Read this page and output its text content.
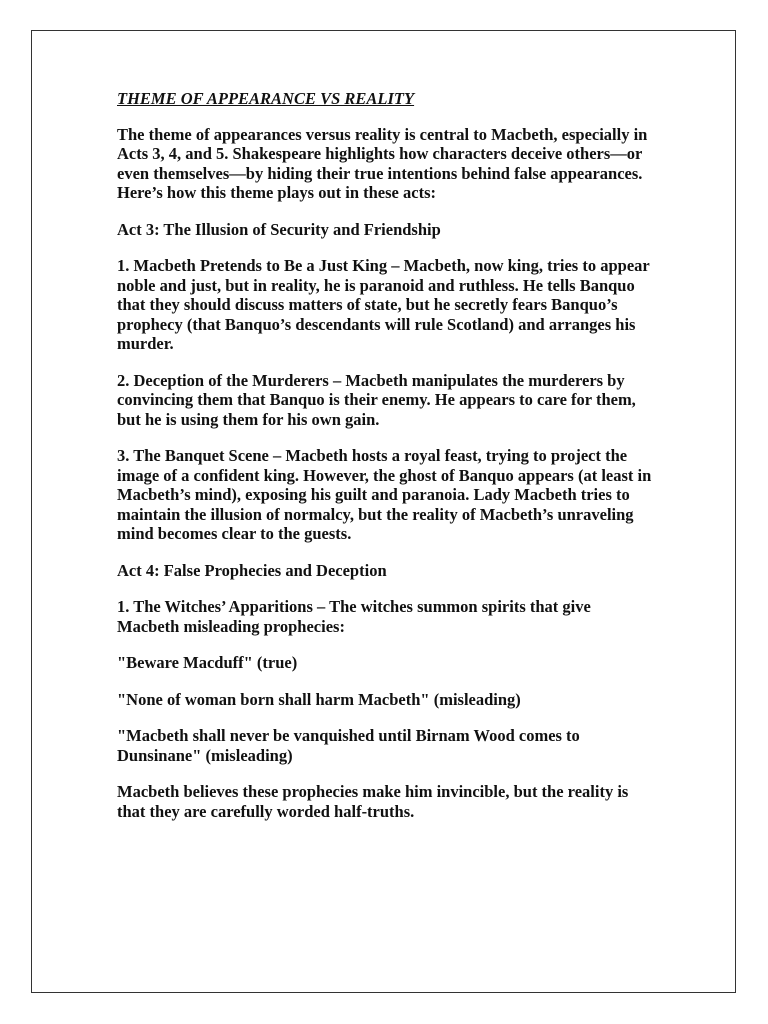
THEME OF APPEARANCE VS REALITY

The theme of appearances versus reality is central to Macbeth, especially in Acts 3, 4, and 5. Shakespeare highlights how characters deceive others—or even themselves—by hiding their true intentions behind false appearances. Here’s how this theme plays out in these acts:

Act 3: The Illusion of Security and Friendship

1. Macbeth Pretends to Be a Just King – Macbeth, now king, tries to appear noble and just, but in reality, he is paranoid and ruthless. He tells Banquo that they should discuss matters of state, but he secretly fears Banquo’s prophecy (that Banquo’s descendants will rule Scotland) and arranges his murder.

2. Deception of the Murderers – Macbeth manipulates the murderers by convincing them that Banquo is their enemy. He appears to care for them, but he is using them for his own gain.

3. The Banquet Scene – Macbeth hosts a royal feast, trying to project the image of a confident king. However, the ghost of Banquo appears (at least in Macbeth’s mind), exposing his guilt and paranoia. Lady Macbeth tries to maintain the illusion of normalcy, but the reality of Macbeth’s unraveling mind becomes clear to the guests.

Act 4: False Prophecies and Deception

1. The Witches’ Apparitions – The witches summon spirits that give Macbeth misleading prophecies:

"Beware Macduff" (true)

"None of woman born shall harm Macbeth" (misleading)

"Macbeth shall never be vanquished until Birnam Wood comes to Dunsinane" (misleading)

Macbeth believes these prophecies make him invincible, but the reality is that they are carefully worded half-truths.
